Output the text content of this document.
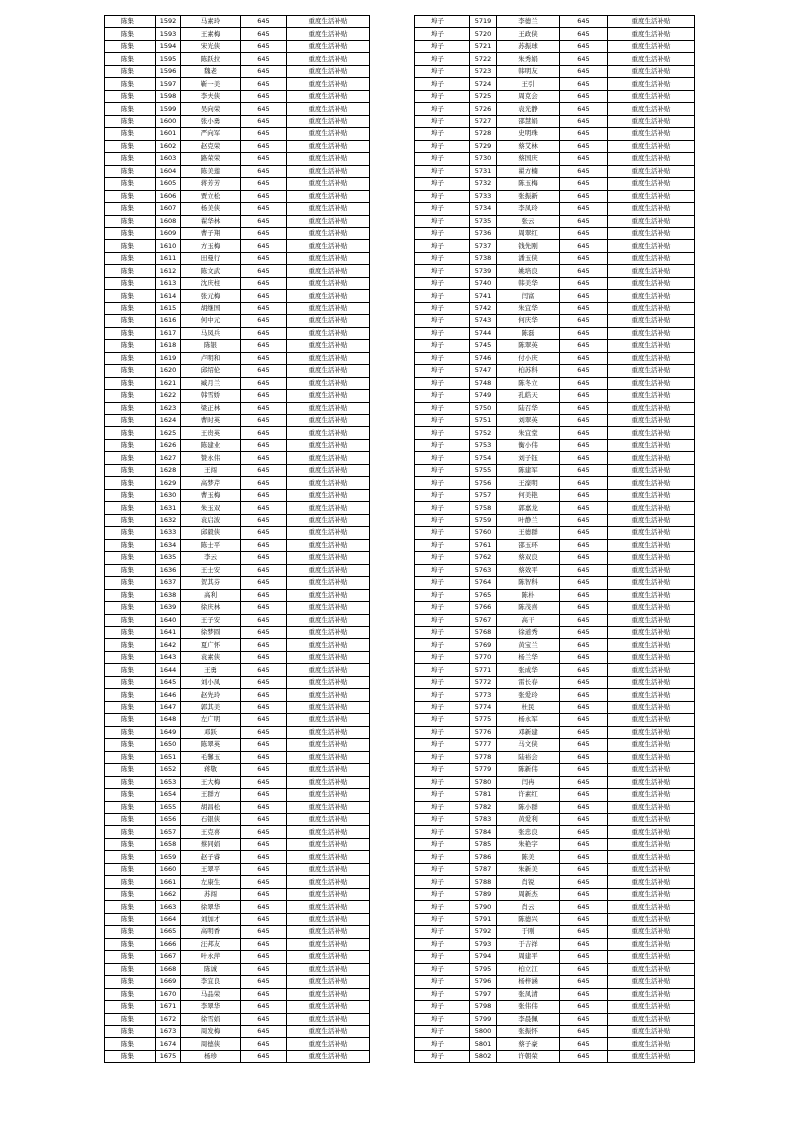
陈集	1592	马素玲	645	重度生活补贴
陈集	1593	王素梅	645	重度生活补贴
陈集	1594	宋光侠	645	重度生活补贴
陈集	1595	陈跃拉	645	重度生活补贴
陈集	1596	魏老	645	重度生活补贴
陈集	1597	靳一美	645	重度生活补贴
陈集	1598	李夫侠	645	重度生活补贴
陈集	1599	吴向荣	645	重度生活补贴
陈集	1600	张小勇	645	重度生活补贴
陈集	1601	严向军	645	重度生活补贴
陈集	1602	赵克荣	645	重度生活补贴
陈集	1603	路荣荣	645	重度生活补贴
陈集	1604	陈美莲	645	重度生活补贴
陈集	1605	蒋芳芳	645	重度生活补贴
陈集	1606	贾立松	645	重度生活补贴
陈集	1607	杨美侠	645	重度生活补贴
陈集	1608	翟华林	645	重度生活补贴
陈集	1609	曹子翔	645	重度生活补贴
陈集	1610	方玉梅	645	重度生活补贴
陈集	1611	田曼行	645	重度生活补贴
陈集	1612	陈文武	645	重度生活补贴
陈集	1613	沈庆柱	645	重度生活补贴
陈集	1614	张元梅	645	重度生活补贴
陈集	1615	胡继国	645	重度生活补贴
陈集	1616	何中元	645	重度生活补贴
陈集	1617	马凤兵	645	重度生活补贴
陈集	1618	陈银	645	重度生活补贴
陈集	1619	卢明和	645	重度生活补贴
陈集	1620	邱绍伦	645	重度生活补贴
陈集	1621	臧月兰	645	重度生活补贴
陈集	1622	韩雪娇	645	重度生活补贴
陈集	1623	梁正林	645	重度生活补贴
陈集	1624	曹时英	645	重度生活补贴
陈集	1625	王贵英	645	重度生活补贴
陈集	1626	陈建业	645	重度生活补贴
陈集	1627	赞永伟	645	重度生活补贴
陈集	1628	王闯	645	重度生活补贴
陈集	1629	高梦芹	645	重度生活补贴
陈集	1630	曹玉梅	645	重度生活补贴
陈集	1631	朱玉双	645	重度生活补贴
陈集	1632	袁启波	645	重度生活补贴
陈集	1633	邱毅侠	645	重度生活补贴
陈集	1634	陈士平	645	重度生活补贴
陈集	1635	李云	645	重度生活补贴
陈集	1636	王士安	645	重度生活补贴
陈集	1637	贺其芬	645	重度生活补贴
陈集	1638	高利	645	重度生活补贴
陈集	1639	徐庆林	645	重度生活补贴
陈集	1640	王子安	645	重度生活补贴
陈集	1641	徐梦圆	645	重度生活补贴
陈集	1642	夏广怀	645	重度生活补贴
陈集	1643	袁素侠	645	重度生活补贴
陈集	1644	王勇	645	重度生活补贴
陈集	1645	刘小凤	645	重度生活补贴
陈集	1646	赵先玲	645	重度生活补贴
陈集	1647	郭其美	645	重度生活补贴
陈集	1648	左广明	645	重度生活补贴
陈集	1649	邓跃	645	重度生活补贴
陈集	1650	陈翠英	645	重度生活补贴
陈集	1651	毛馨玉	645	重度生活补贴
陈集	1652	蒋敬	645	重度生活补贴
陈集	1653	王大梅	645	重度生活补贴
陈集	1654	王群方	645	重度生活补贴
陈集	1655	胡昌松	645	重度生活补贴
陈集	1656	石银侠	645	重度生活补贴
陈集	1657	王克喜	645	重度生活补贴
陈集	1658	蔡同娟	645	重度生活补贴
陈集	1659	赵子睿	645	重度生活补贴
陈集	1660	王翠平	645	重度生活补贴
陈集	1661	左康生	645	重度生活补贴
陈集	1662	苏闯	645	重度生活补贴
陈集	1663	徐翠华	645	重度生活补贴
陈集	1664	刘加才	645	重度生活补贴
陈集	1665	高明香	645	重度生活补贴
陈集	1666	汪邦友	645	重度生活补贴
陈集	1667	叶永萍	645	重度生活补贴
陈集	1668	陈诚	645	重度生活补贴
陈集	1669	李宜良	645	重度生活补贴
陈集	1670	马品荣	645	重度生活补贴
陈集	1671	李翠华	645	重度生活补贴
陈集	1672	徐雪娟	645	重度生活补贴
陈集	1673	周发梅	645	重度生活补贴
陈集	1674	周德侠	645	重度生活补贴
陈集	1675	杨珍	645	重度生活补贴
埠子	5719	李德兰	645	重度生活补贴
埠子	5720	王政侠	645	重度生活补贴
埠子	5721	苏振球	645	重度生活补贴
埠子	5722	朱秀娟	645	重度生活补贴
埠子	5723	韩明友	645	重度生活补贴
埠子	5724	王引	645	重度生活补贴
埠子	5725	周克会	645	重度生活补贴
埠子	5726	袁光静	645	重度生活补贴
埠子	5727	邵慧娟	645	重度生活补贴
埠子	5728	史明珠	645	重度生活补贴
埠子	5729	蔡艾林	645	重度生活补贴
埠子	5730	蔡国庆	645	重度生活补贴
埠子	5731	翟方楠	645	重度生活补贴
埠子	5732	陈玉梅	645	重度生活补贴
埠子	5733	张振新	645	重度生活补贴
埠子	5734	李凤玲	645	重度生活补贴
埠子	5735	张云	645	重度生活补贴
埠子	5736	周翠红	645	重度生活补贴
埠子	5737	钱先刚	645	重度生活补贴
埠子	5738	潘玉侠	645	重度生活补贴
埠子	5739	姚培良	645	重度生活补贴
埠子	5740	韩美华	645	重度生活补贴
埠子	5741	闫富	645	重度生活补贴
埠子	5742	朱宜华	645	重度生活补贴
埠子	5743	何庆华	645	重度生活补贴
埠子	5744	陈磊	645	重度生活补贴
埠子	5745	陈翠英	645	重度生活补贴
埠子	5746	付小庆	645	重度生活补贴
埠子	5747	柏苏科	645	重度生活补贴
埠子	5748	陈冬立	645	重度生活补贴
埠子	5749	孔皓天	645	重度生活补贴
埠子	5750	陆召华	645	重度生活补贴
埠子	5751	刘翠英	645	重度生活补贴
埠子	5752	朱宜堂	645	重度生活补贴
埠子	5753	衡小伟	645	重度生活补贴
埠子	5754	刘子钰	645	重度生活补贴
埠子	5755	陈建军	645	重度生活补贴
埠子	5756	王濠明	645	重度生活补贴
埠子	5757	何美艳	645	重度生活补贴
埠子	5758	郭嘉龙	645	重度生活补贴
埠子	5759	叶静兰	645	重度生活补贴
埠子	5760	王德群	645	重度生活补贴
埠子	5761	邵玉环	645	重度生活补贴
埠子	5762	蔡双良	645	重度生活补贴
埠子	5763	蔡效平	645	重度生活补贴
埠子	5764	陈智科	645	重度生活补贴
埠子	5765	陈朴	645	重度生活补贴
埠子	5766	陈茂喜	645	重度生活补贴
埠子	5767	高干	645	重度生活补贴
埠子	5768	徐道秀	645	重度生活补贴
埠子	5769	黄宝兰	645	重度生活补贴
埠子	5770	杨兰华	645	重度生活补贴
埠子	5771	张成华	645	重度生活补贴
埠子	5772	雷长春	645	重度生活补贴
埠子	5773	张爱玲	645	重度生活补贴
埠子	5774	杜民	645	重度生活补贴
埠子	5775	杨永军	645	重度生活补贴
埠子	5776	邓新建	645	重度生活补贴
埠子	5777	马文侠	645	重度生活补贴
埠子	5778	陆裕会	645	重度生活补贴
埠子	5779	陈新伟	645	重度生活补贴
埠子	5780	闫冉	645	重度生活补贴
埠子	5781	许素红	645	重度生活补贴
埠子	5782	陈小群	645	重度生活补贴
埠子	5783	黄爱利	645	重度生活补贴
埠子	5784	张忠良	645	重度生活补贴
埠子	5785	朱艳字	645	重度生活补贴
埠子	5786	陈美	645	重度生活补贴
埠子	5787	朱新美	645	重度生活补贴
埠子	5788	肖锐	645	重度生活补贴
埠子	5789	周新杰	645	重度生活补贴
埠子	5790	肖云	645	重度生活补贴
埠子	5791	陈德兴	645	重度生活补贴
埠子	5792	于刚	645	重度生活补贴
埠子	5793	于吉祥	645	重度生活补贴
埠子	5794	周建平	645	重度生活补贴
埠子	5795	柏立江	645	重度生活补贴
埠子	5796	杨梓涵	645	重度生活补贴
埠子	5797	张凤清	645	重度生活补贴
埠子	5798	张伟伟	645	重度生活补贴
埠子	5799	李晨佩	645	重度生活补贴
埠子	5800	张振怀	645	重度生活补贴
埠子	5801	蔡子豪	645	重度生活补贴
埠子	5802	许朝荣	645	重度生活补贴
